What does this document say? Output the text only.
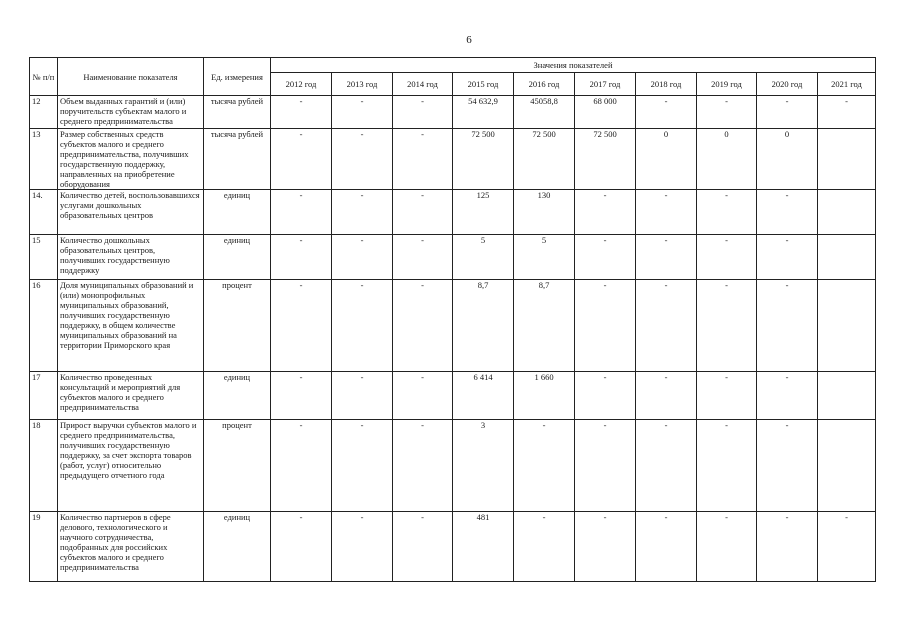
6
№ п/п	Наименование показателя	Ед. измерения	Значения показателей									
			2012 год	2013 год	2014 год	2015 год	2016 год	2017 год	2018 год	2019 год	2020 год	2021 год
12	Объем выданных гарантий и (или) поручительств субъектам малого и среднего предпринимательства	тысяча рублей	-	-	-	54 632,9	45058,8	68 000	-	-	-	-
13	Размер собственных средств субъектов малого и среднего предпринимательства, получивших государственную поддержку, направленных на приобретение оборудования	тысяча рублей	-	-	-	72 500	72 500	72 500	0	0	0	
14.	Количество детей, воспользовавшихся услугами дошкольных образовательных центров	единиц	-	-	-	125	130	-	-	-	-	
15	Количество дошкольных образовательных центров, получивших государственную поддержку	единиц	-	-	-	5	5	-	-	-	-	
16	Доля муниципальных образований и (или) монопрофильных муниципальных образований, получивших государственную поддержку, в общем количестве муниципальных образований на территории Приморского края	процент	-	-	-	8,7	8,7	-	-	-	-	
17	Количество проведенных консультаций и мероприятий для субъектов малого и среднего предпринимательства	единиц	-	-	-	6 414	1 660	-	-	-	-	
18	Прирост выручки субъектов малого и среднего предпринимательства, получивших государственную поддержку, за счет экспорта товаров (работ, услуг) относительно предыдущего отчетного года	процент	-	-	-	3	-	-	-	-	-	
19	Количество партнеров в сфере делового, технологического и научного сотрудничества, подобранных для российских субъектов малого и среднего предпринимательства	единиц	-	-	-	481	-	-	-	-	-	-
